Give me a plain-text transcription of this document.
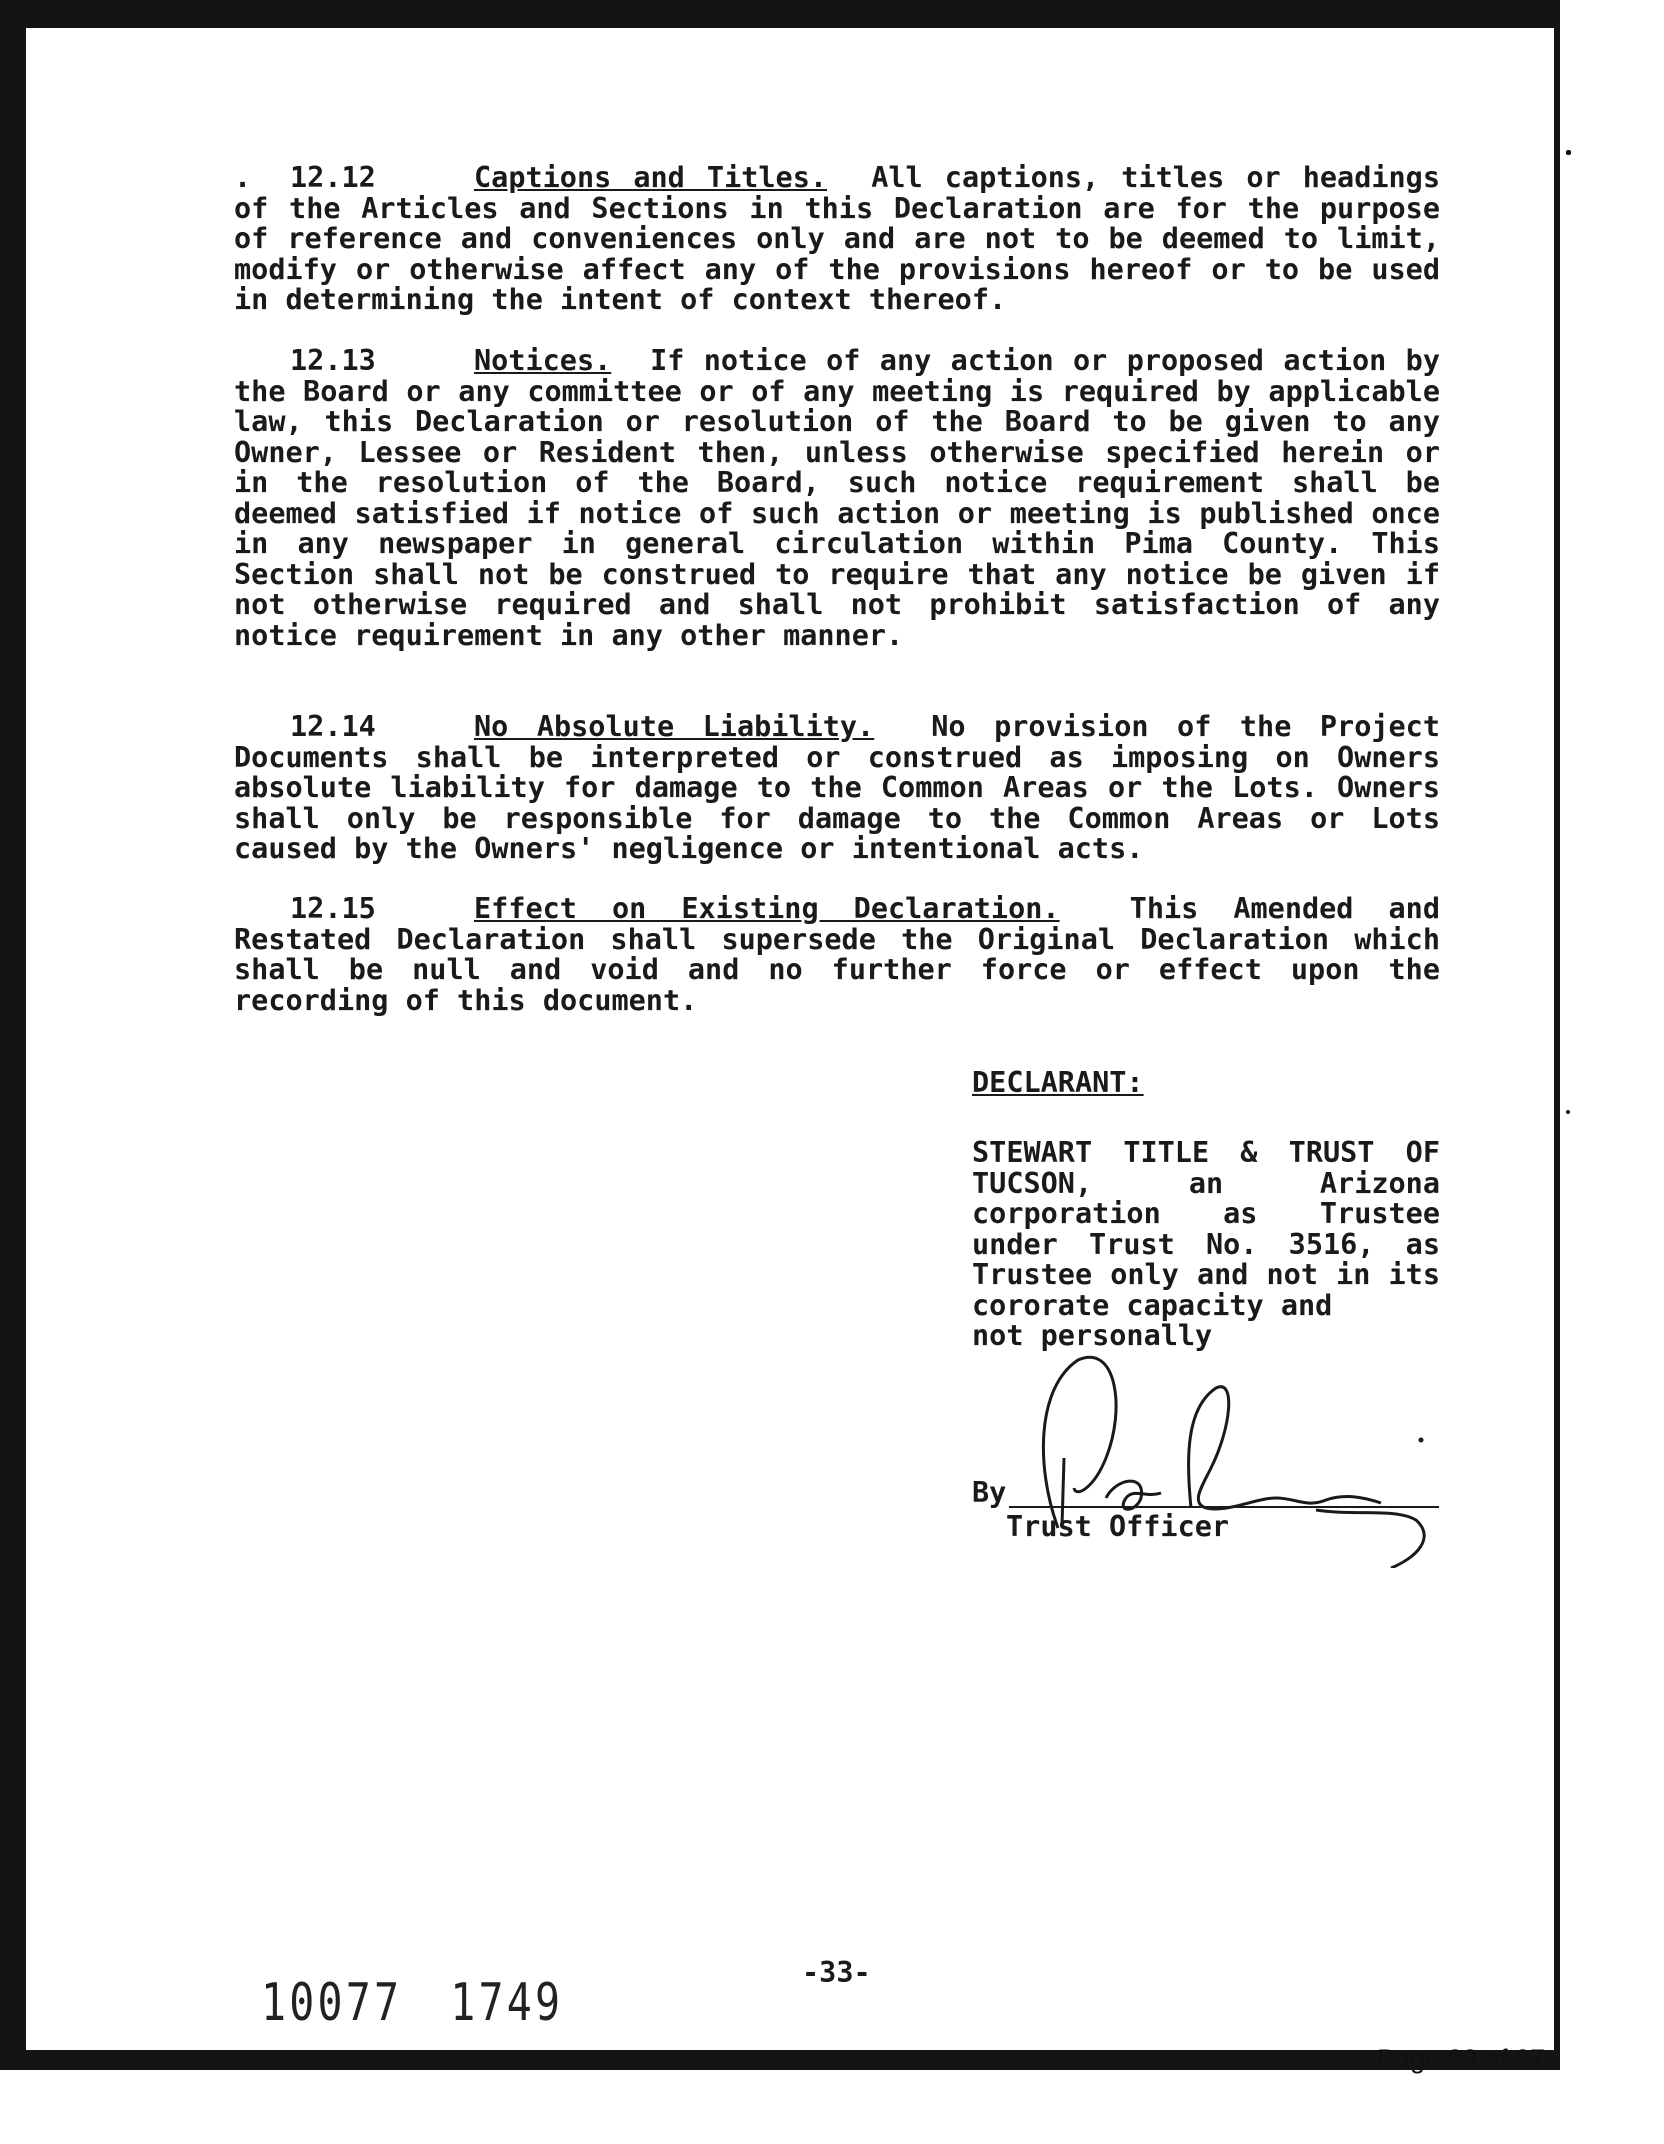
. 12.12	Captions and Titles. All captions, titles or headings of the Articles and Sections in this Declaration are for the purpose of reference and conveniences only and are not to be deemed to limit, modify or otherwise affect any of the provisions hereof or to be used in determining the intent of context thereof.

12.13	Notices. If notice of any action or proposed action by the Board or any committee or of any meeting is required by applicable law, this Declaration or resolution of the Board to be given to any Owner, Lessee or Resident then, unless otherwise specified herein or in the resolution of the Board, such notice requirement shall be deemed satisfied if notice of such action or meeting is published once in any newspaper in general circulation within Pima County. This Section shall not be construed to require that any notice be given if not otherwise required and shall not prohibit satisfaction of any notice requirement in any other manner.

12.14	No Absolute Liability. No provision of the Project Documents shall be interpreted or construed as imposing on Owners absolute liability for damage to the Common Areas or the Lots. Owners shall only be responsible for damage to the Common Areas or Lots caused by the Owners' negligence or intentional acts.

12.15	Effect on Existing Declaration. This Amended and Restated Declaration shall supersede the Original Declaration which shall be null and void and no further force or effect upon the recording of this document.

DECLARANT:

STEWART TITLE & TRUST OF TUCSON, an Arizona corporation as Trustee under Trust No. 3516, as Trustee only and not in its cororate capacity and
not personally

By
Trust Officer
-33-
10077 1749
Page 33 of 37
